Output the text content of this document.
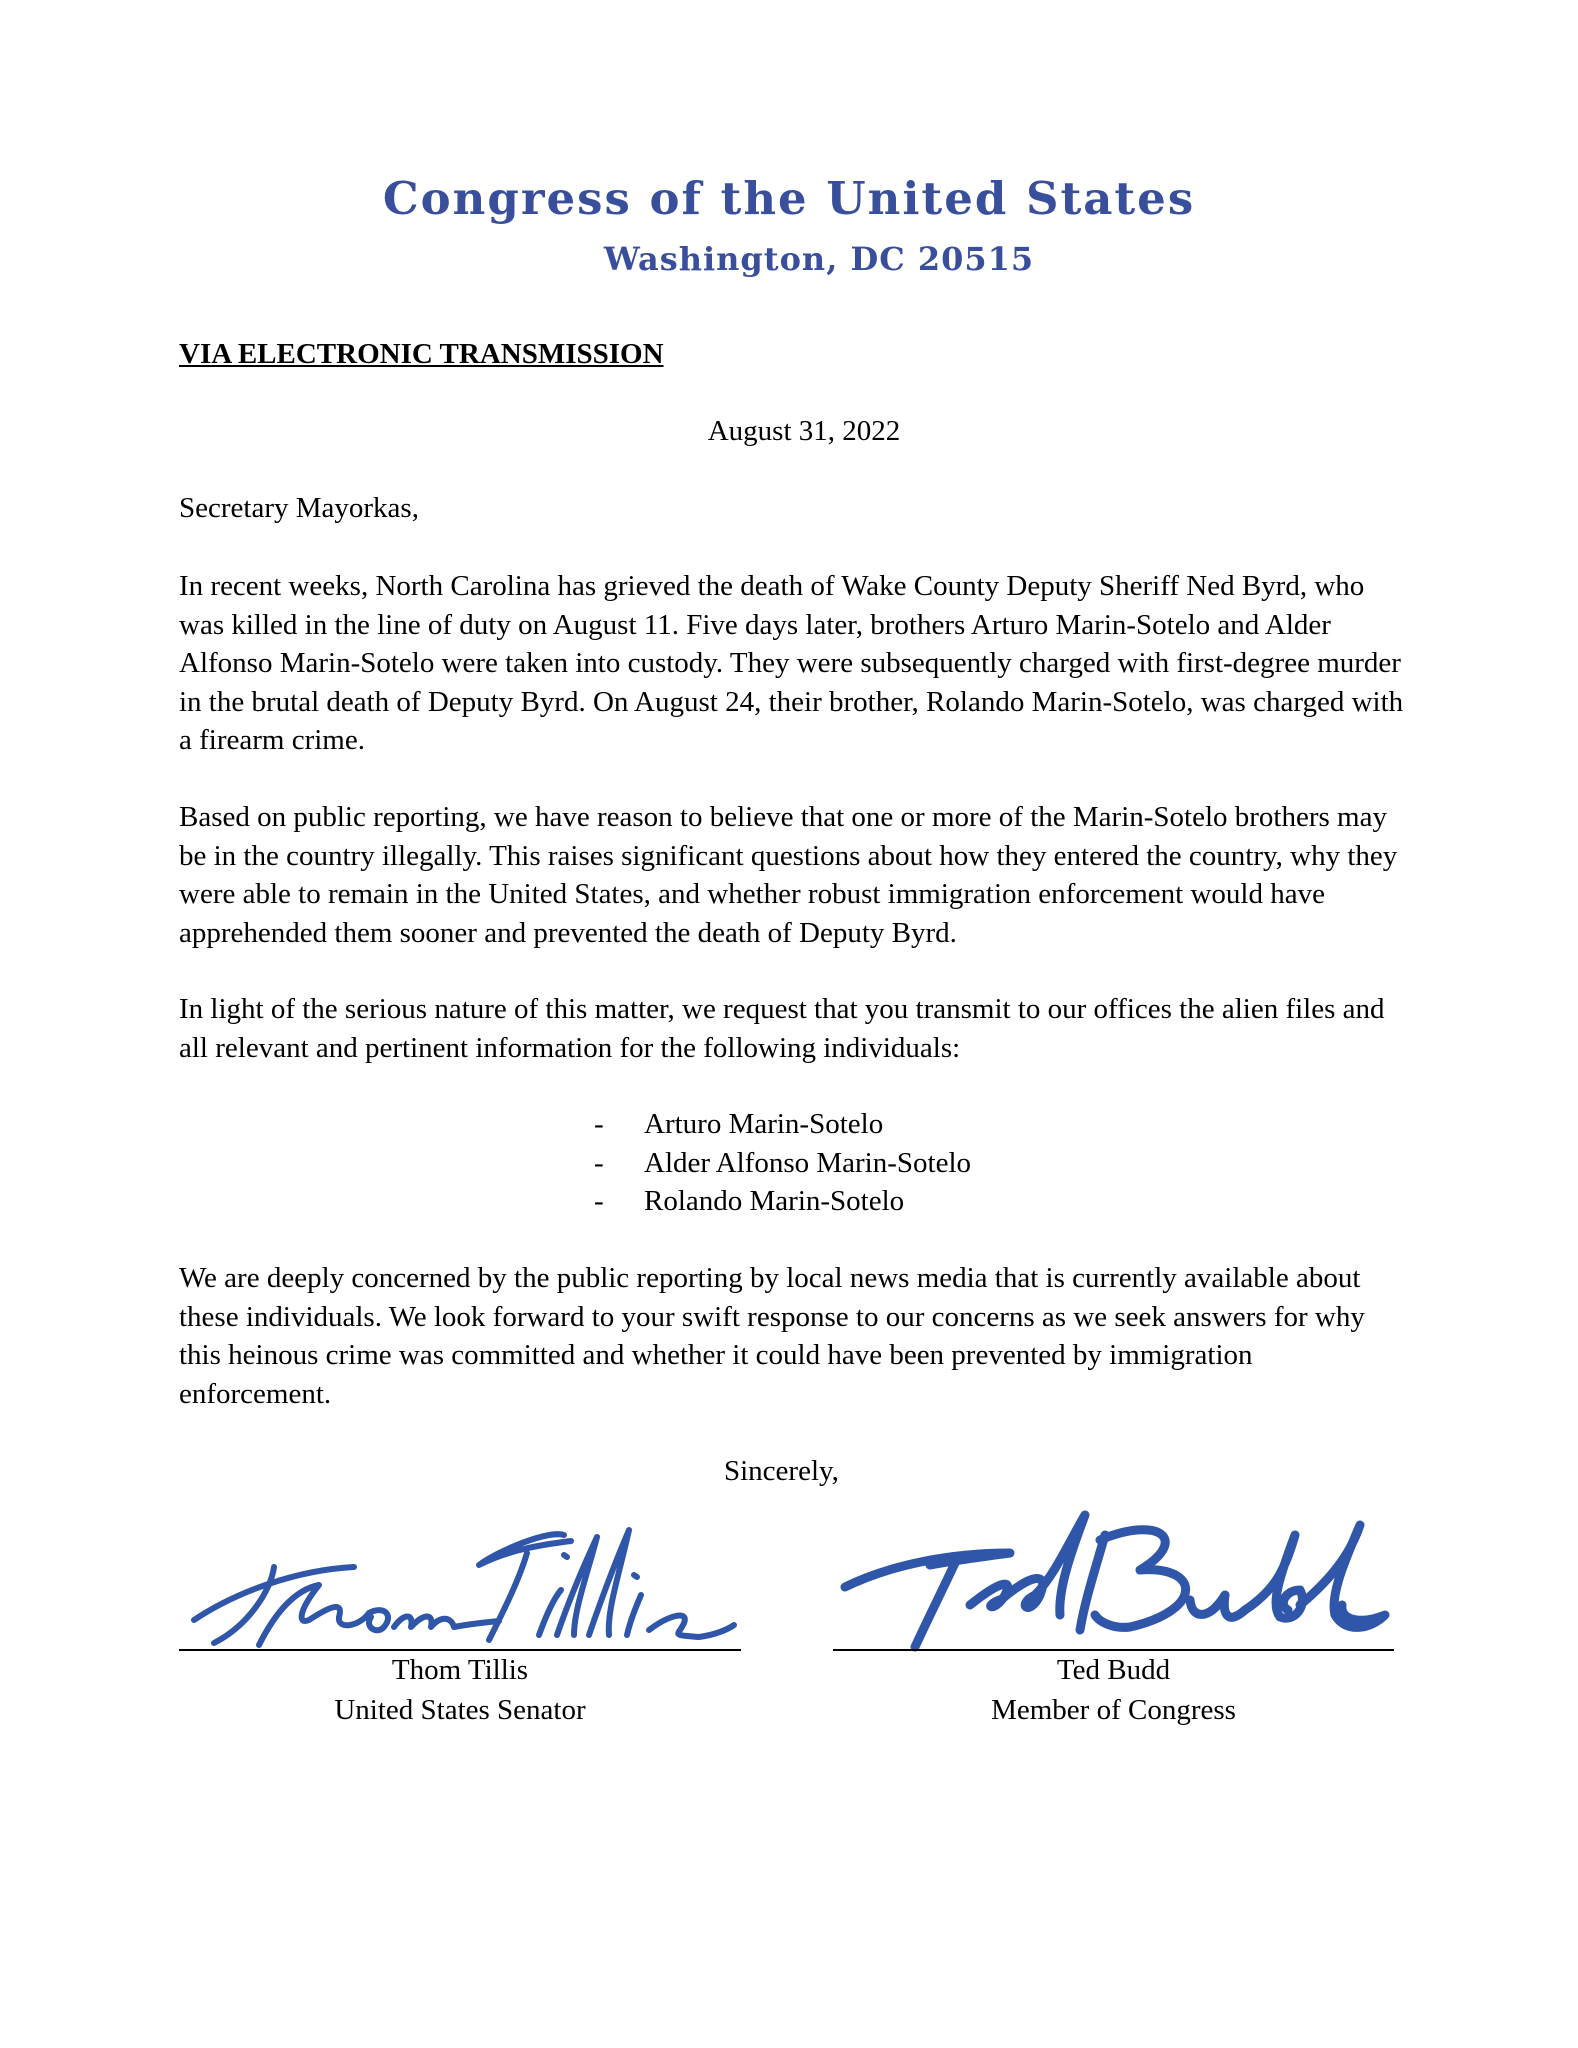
Congress of the United States
Washington, DC 20515
VIA ELECTRONIC TRANSMISSION
August 31, 2022
Secretary Mayorkas,

In recent weeks, North Carolina has grieved the death of Wake County Deputy Sheriff Ned Byrd, who was killed in the line of duty on August 11. Five days later, brothers Arturo Marin-Sotelo and Alder Alfonso Marin-Sotelo were taken into custody. They were subsequently charged with first-degree murder in the brutal death of Deputy Byrd. On August 24, their brother, Rolando Marin-Sotelo, was charged with a firearm crime.

Based on public reporting, we have reason to believe that one or more of the Marin-Sotelo brothers may be in the country illegally. This raises significant questions about how they entered the country, why they were able to remain in the United States, and whether robust immigration enforcement would have apprehended them sooner and prevented the death of Deputy Byrd.

In light of the serious nature of this matter, we request that you transmit to our offices the alien files and all relevant and pertinent information for the following individuals:

-	Arturo Marin-Sotelo
-	Alder Alfonso Marin-Sotelo
-	Rolando Marin-Sotelo

We are deeply concerned by the public reporting by local news media that is currently available about these individuals. We look forward to your swift response to our concerns as we seek answers for why this heinous crime was committed and whether it could have been prevented by immigration enforcement.

Sincerely,
Thom Tillis
United States Senator
Ted Budd
Member of Congress
